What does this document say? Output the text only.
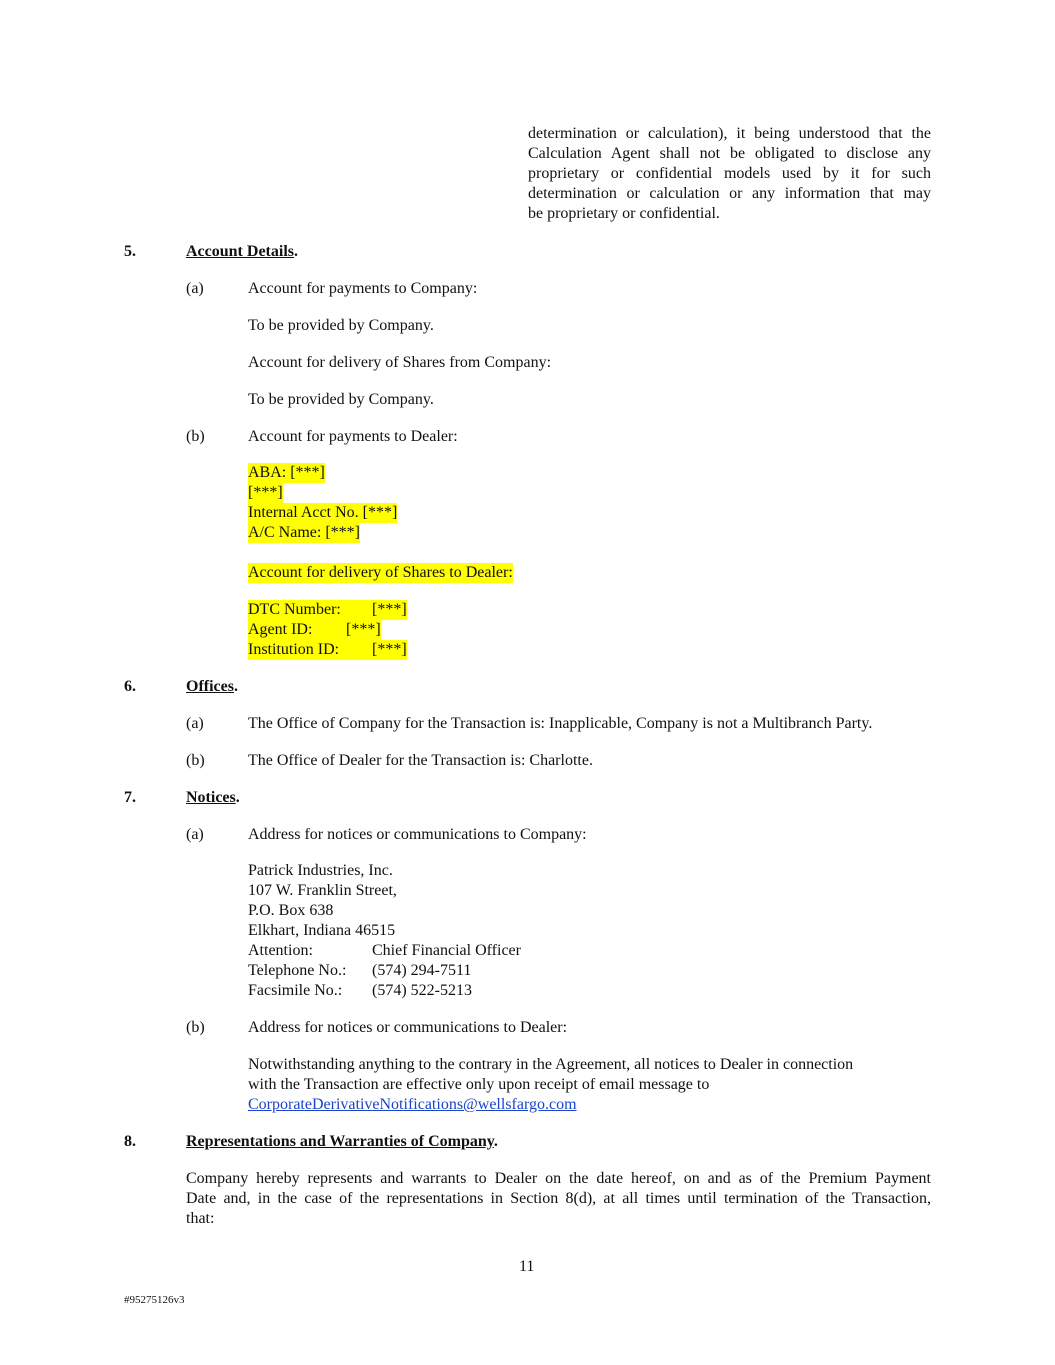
determination or calculation), it being understood that the
Calculation Agent shall not be obligated to disclose any
proprietary or confidential models used by it for such
determination or calculation or any information that may
be proprietary or confidential.
5.	Account Details.
(a)	Account for payments to Company:
To be provided by Company.
Account for delivery of Shares from Company:
To be provided by Company.
(b)	Account for payments to Dealer:
ABA: [***]
[***]
Internal Acct No. [***]
A/C Name: [***]
Account for delivery of Shares to Dealer:
DTC Number: [***]
Agent ID: [***]
Institution ID: [***]
6.	Offices.
(a)	The Office of Company for the Transaction is: Inapplicable, Company is not a Multibranch Party.
(b)	The Office of Dealer for the Transaction is: Charlotte.
7.	Notices.
(a)	Address for notices or communications to Company:
Patrick Industries, Inc.
107 W. Franklin Street,
P.O. Box 638
Elkhart, Indiana 46515
Attention:	Chief Financial Officer
Telephone No.: (574) 294-7511
Facsimile No.: (574) 522-5213
(b)	Address for notices or communications to Dealer:
Notwithstanding anything to the contrary in the Agreement, all notices to Dealer in connection
with the Transaction are effective only upon receipt of email message to
CorporateDerivativeNotifications@wellsfargo.com
8.	Representations and Warranties of Company.
Company hereby represents and warrants to Dealer on the date hereof, on and as of the Premium Payment
Date and, in the case of the representations in Section 8(d), at all times until termination of the Transaction,
that:
11
#95275126v3
